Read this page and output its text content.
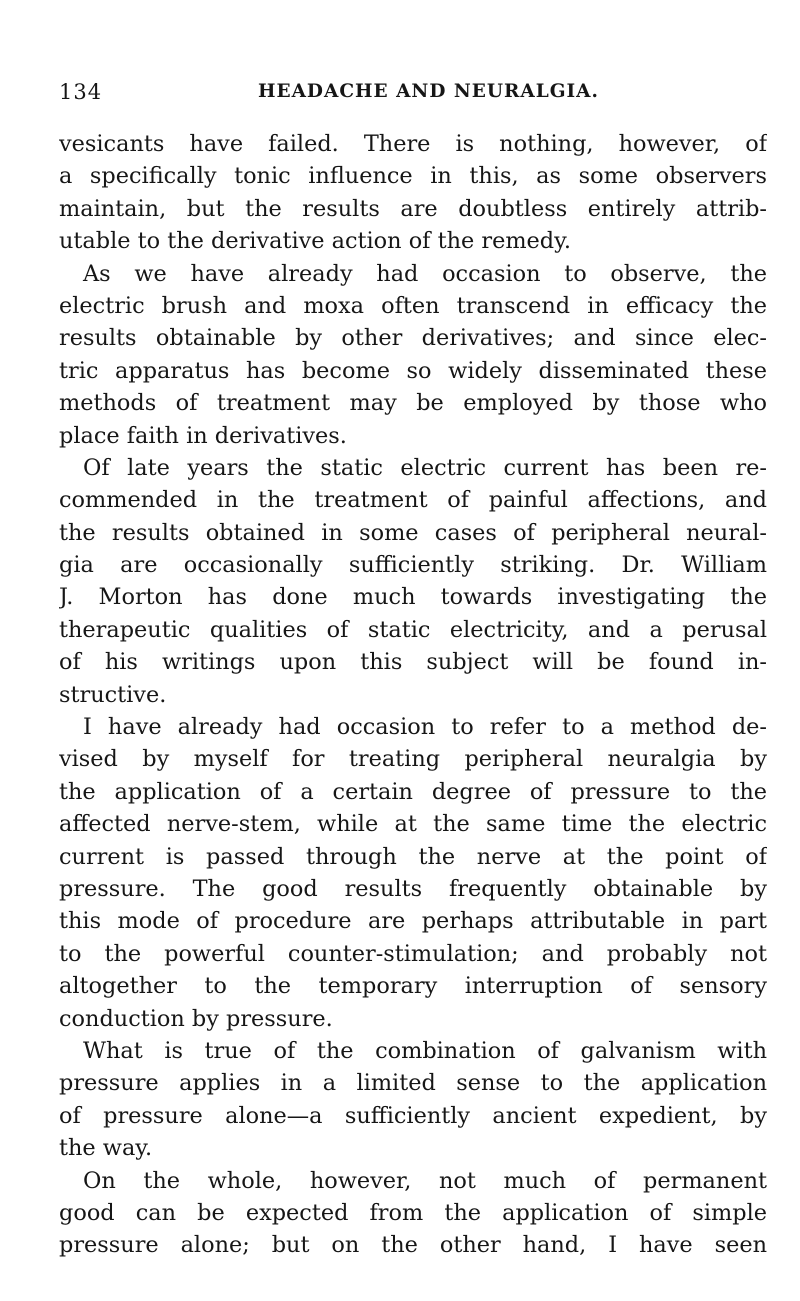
134	HEADACHE AND NEURALGIA.
vesicants have failed. There is nothing, however, of
a specifically tonic influence in this, as some observers
maintain, but the results are doubtless entirely attrib-
utable to the derivative action of the remedy.
As we have already had occasion to observe, the
electric brush and moxa often transcend in efficacy the
results obtainable by other derivatives; and since elec-
tric apparatus has become so widely disseminated these
methods of treatment may be employed by those who
place faith in derivatives.
Of late years the static electric current has been re-
commended in the treatment of painful affections, and
the results obtained in some cases of peripheral neural-
gia are occasionally sufficiently striking. Dr. William
J. Morton has done much towards investigating the
therapeutic qualities of static electricity, and a perusal
of his writings upon this subject will be found in-
structive.
I have already had occasion to refer to a method de-
vised by myself for treating peripheral neuralgia by
the application of a certain degree of pressure to the
affected nerve-stem, while at the same time the electric
current is passed through the nerve at the point of
pressure. The good results frequently obtainable by
this mode of procedure are perhaps attributable in part
to the powerful counter-stimulation; and probably not
altogether to the temporary interruption of sensory
conduction by pressure.
What is true of the combination of galvanism with
pressure applies in a limited sense to the application
of pressure alone—a sufficiently ancient expedient, by
the way.
On the whole, however, not much of permanent
good can be expected from the application of simple
pressure alone; but on the other hand, I have seen
